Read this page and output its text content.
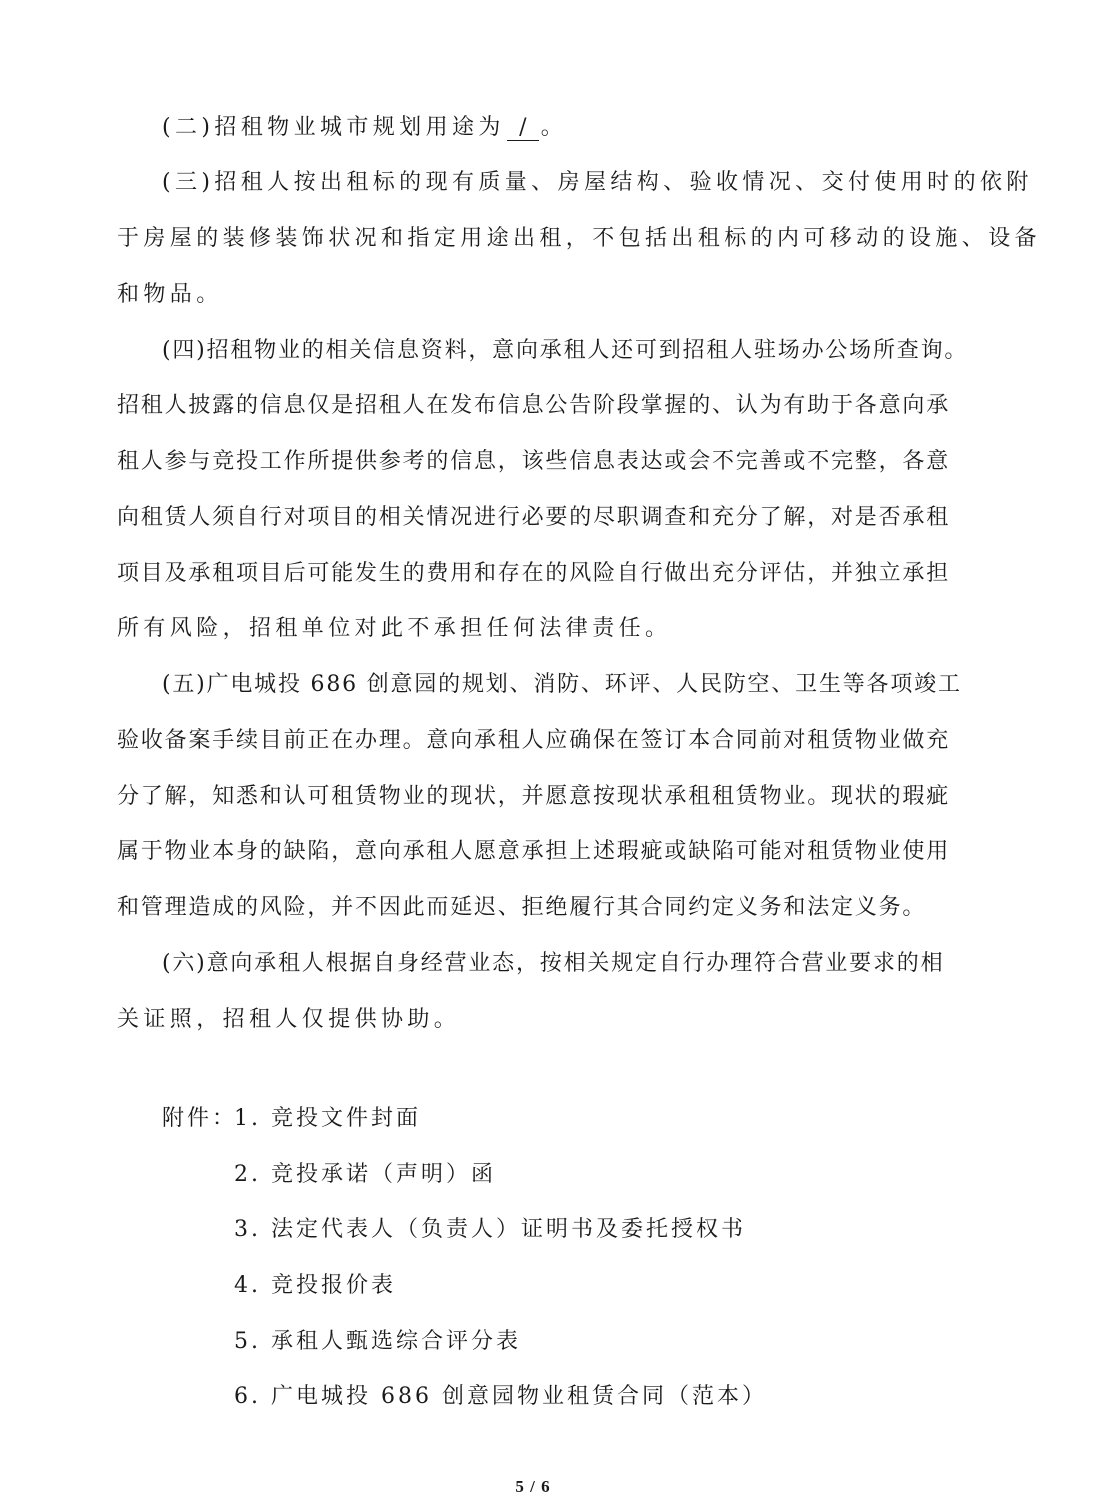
(二)招租物业城市规划用途为 / 。
(三)招租人按出租标的现有质量、房屋结构、验收情况、交付使用时的依附
于房屋的装修装饰状况和指定用途出租，不包括出租标的内可移动的设施、设备
和物品。
(四)招租物业的相关信息资料，意向承租人还可到招租人驻场办公场所查询。
招租人披露的信息仅是招租人在发布信息公告阶段掌握的、认为有助于各意向承
租人参与竞投工作所提供参考的信息，该些信息表达或会不完善或不完整，各意
向租赁人须自行对项目的相关情况进行必要的尽职调查和充分了解，对是否承租
项目及承租项目后可能发生的费用和存在的风险自行做出充分评估，并独立承担
所有风险，招租单位对此不承担任何法律责任。
(五)广电城投 686 创意园的规划、消防、环评、人民防空、卫生等各项竣工
验收备案手续目前正在办理。意向承租人应确保在签订本合同前对租赁物业做充
分了解，知悉和认可租赁物业的现状，并愿意按现状承租租赁物业。现状的瑕疵
属于物业本身的缺陷，意向承租人愿意承担上述瑕疵或缺陷可能对租赁物业使用
和管理造成的风险，并不因此而延迟、拒绝履行其合同约定义务和法定义务。
(六)意向承租人根据自身经营业态，按相关规定自行办理符合营业要求的相
关证照，招租人仅提供协助。
附件：
1. 竞投文件封面
2. 竞投承诺（声明）函
3. 法定代表人（负责人）证明书及委托授权书
4. 竞投报价表
5. 承租人甄选综合评分表
6. 广电城投 686 创意园物业租赁合同（范本）
5 / 6
